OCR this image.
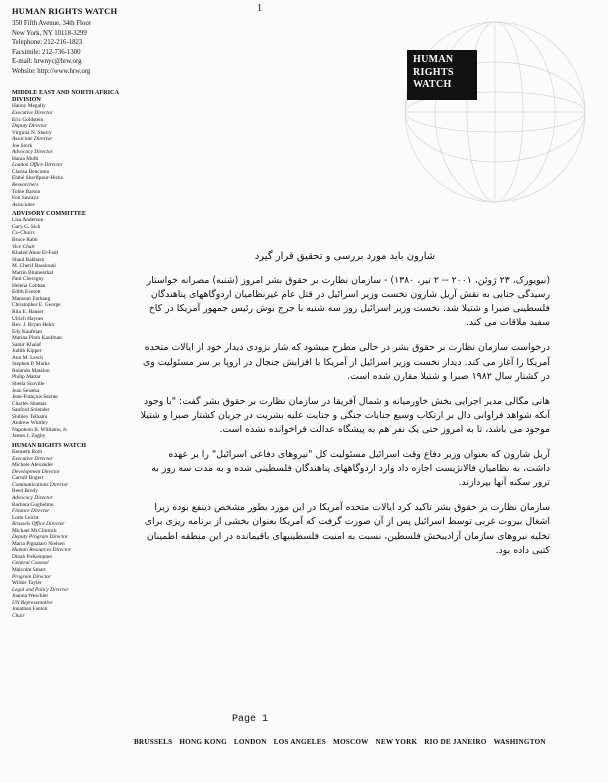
1
HUMAN RIGHTS WATCH
350 Fifth Avenue, 34th Floor
New York, NY 10118-3299
Telephone: 212-216-1823
Facsimile: 212-736-1300
E-mail: hrwnyc@hrw.org
Website: http://www.hrw.org
HUMAN
RIGHTS
WATCH
MIDDLE EAST AND NORTH AFRICA DIVISION
Hanny Megally
Executive Director
Eric Goldstein
Deputy Director
Virginia N. Sherry
Associate Director
Joe Stork
Advocacy Director
Hania Mufti
London Office Director
Clarisa Bencomo
Elahé Sharifpour-Hicks
Researchers
Tobie Barton
Fon Sawaya
Associates
ADVISORY COMMITTEE
Lisa Anderson
Gary G. Sick
Co-Chairs
Bruce Rabb
Vice Chair
Khaled Abou El-Fadl
Shaul Bakhash
M. Cherif Bassiouni
Martin Blumenthal
Paul Chevigny
Helena Cobban
Edith Everett
Mansour Farhang
Christopher E. George
Rita E. Hauser
Ulrich Haynes
Rev. J. Bryan Hehir
Edy Kaufman
Marina Pinto Kaufman
Samir Khalaf
Judith Kipper
Ann M. Lesch
Stephen P. Marks
Rolando Matalon
Philip Mattar
Sheila Scoville
Jean Seiseka
Jean-François Seznec
Charles Shamas
Sanford Solender
Shibley Telhami
Andrew Whitley
Napoleon B. Williams, Jr.
James J. Zogby
HUMAN RIGHTS WATCH
Kenneth Roth
Executive Director
Michele Alexander
Development Director
Carroll Bogert
Communications Director
Reed Brody
Advocacy Director
Barbara Guglielmo
Finance Director
Lotte Leicht
Brussels Office Director
Michael McClintock
Deputy Program Director
Maria Pignataro Nielsen
Human Resources Director
Dinah PoKempner
General Counsel
Malcolm Smart
Program Director
Wilder Tayler
Legal and Policy Director
Joanna Weschler
UN Representative
Jonathan Fanton
Chair
شارون باید مورد بررسی و تحقیق قرار گیرد

(نیویورک، ۲۳ ژوئن، ۲۰۰۱ -- ۲ تیر، ۱۳۸۰) - سازمان نظارت بر حقوق بشر امروز (شنبه) مصرانه خواستار رسیدگی جنایی به نقش آریل شارون نخست وزیر اسرائیل در قتل عام غیرنظامیان اردوگاههای پناهندگان فلسطینی صبرا و شتیلا شد. نخست وزیر اسرائیل روز سه شنبه با جرج بوش رئیس جمهور آمریکا در کاخ سفید ملاقات می کند.

درخواست سازمان نظارت بر حقوق بشر در حالی مطرح میشود که شار بزودی دیدار خود از ایالات متحده آمریکا را آغاز می کند. دیدار نخست وزیر اسرائیل از آمریکا با افزایش جنجال در اروپا بر سر مسئولیت وی در کشتار سال ۱۹۸۲ صبرا و شتیلا مقارن شده است.

هانی مگالی مدیر اجرایی بخش خاورمیانه و شمال آفریقا در سازمان نظارت بر حقوق بشر گفت: "با وجود آنکه شواهد فراوانی دال بر ارتکاب وسیع جنایات جنگی و جنایت علیه بشریت در جریان کشتار صبرا و شتیلا موجود می باشد، تا به امروز حتی یک نفر هم به پیشگاه عدالت فراخوانده نشده است.

آریل شارون که بعنوان وزیر دفاع وقت اسرائیل مسئولیت کل "نیروهای دفاعی اسرائیل" را بر عهده داشت، به نظامیان فالانژیست اجازه داد وارد اردوگاههای پناهندگان فلسطینی شده و به مدت سه روز به ترور سکنه آنها بپردازند.

سازمان نظارت بر حقوق بشر تاکید کرد ایالات متحده آمریکا در این مورد بطور مشخص ذینفع بوده زیرا اشغال بیروت غربی توسط اسرائیل پس از آن صورت گرفت که آمریکا بعنوان بخشی از برنامه ریزی برای تخلیه نیروهای سازمان آزادیبخش فلسطین، نسبت به امنیت فلسطینیهای باقیمانده در این منطقه اطمینان کتبی داده بود.

Page 1
BRUSSELS HONG KONG LONDON LOS ANGELES MOSCOW NEW YORK RIO DE JANEIRO WASHINGTON
